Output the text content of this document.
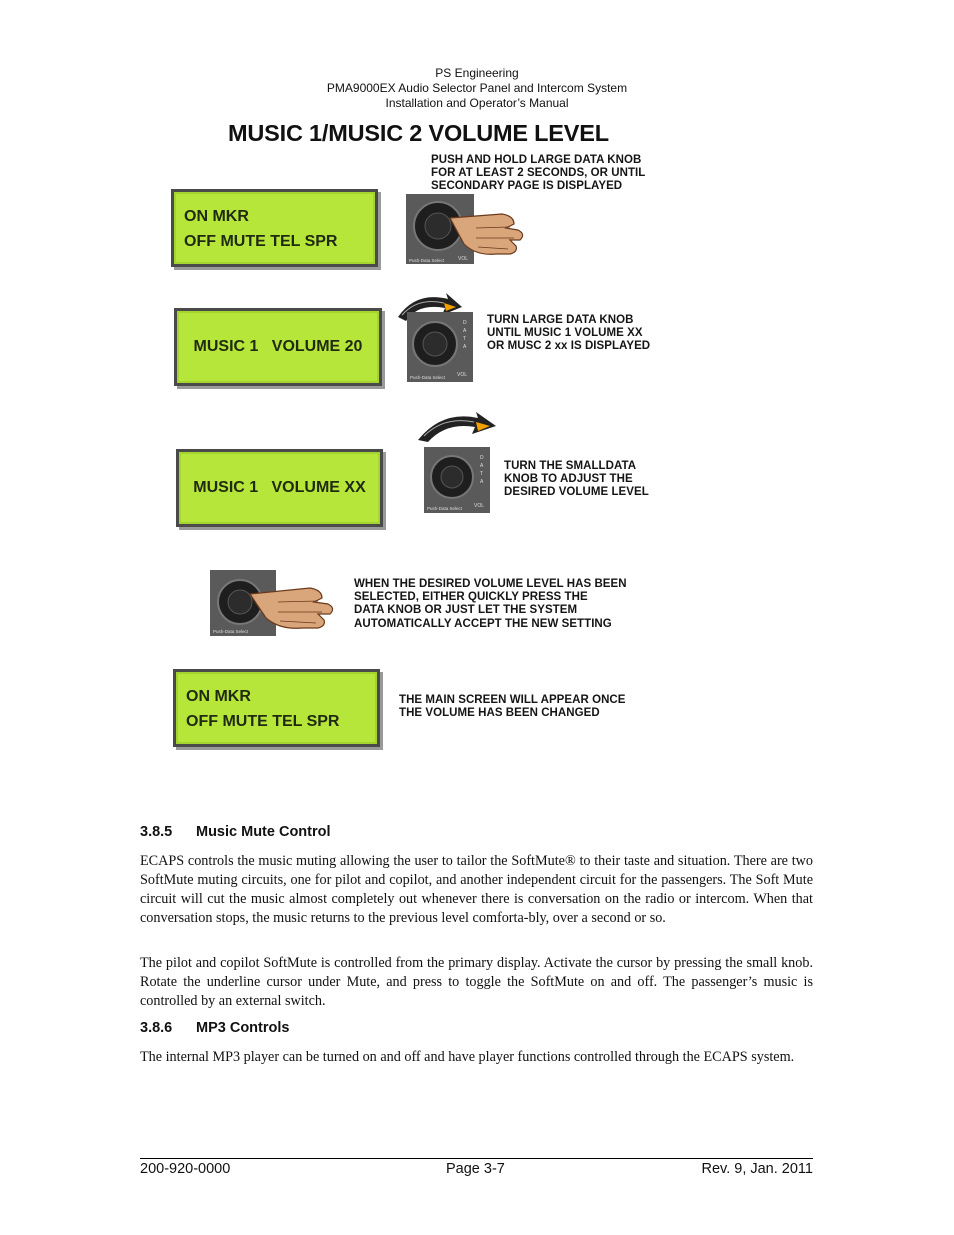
PS Engineering
PMA9000EX Audio Selector Panel and Intercom System
Installation and Operator’s Manual
MUSIC 1/MUSIC 2 VOLUME LEVEL
PUSH AND HOLD LARGE DATA KNOB
FOR AT LEAST 2 SECONDS, OR UNTIL
SECONDARY PAGE IS DISPLAYED
ON MKR
OFF MUTE TEL SPR
Push-Data Select	VOL
TURN LARGE DATA KNOB
UNTIL MUSIC 1 VOLUME XX
OR MUSC 2 xx IS DISPLAYED
MUSIC 1   VOLUME 20
D
A
T
A
Push-Data Select VOL
TURN THE SMALLDATA
KNOB TO ADJUST THE
DESIRED VOLUME LEVEL
MUSIC 1   VOLUME XX
D
A
T
A
Push-Data Select VOL
Push-Data Select
WHEN THE DESIRED VOLUME LEVEL HAS BEEN
SELECTED, EITHER QUICKLY PRESS THE
DATA KNOB OR JUST LET THE SYSTEM
AUTOMATICALLY ACCEPT THE NEW SETTING
ON MKR
OFF MUTE TEL SPR
THE MAIN SCREEN WILL APPEAR ONCE
THE VOLUME HAS BEEN CHANGED
3.8.5 Music Mute Control
ECAPS controls the music muting allowing the user to tailor the SoftMute® to their taste and situation. There are two SoftMute muting circuits, one for pilot and copilot, and another independent circuit for the passengers. The Soft Mute circuit will cut the music almost completely out whenever there is conversation on the radio or intercom. When that conversation stops, the music returns to the previous level comforta-bly, over a second or so.
The pilot and copilot SoftMute is controlled from the primary display. Activate the cursor by pressing the small knob. Rotate the underline cursor under Mute, and press to toggle the SoftMute on and off. The passenger’s music is controlled by an external switch.
3.8.6 MP3 Controls
The internal MP3 player can be turned on and off and have player functions controlled through the ECAPS system.
200-920-0000	Page 3-7	Rev. 9, Jan. 2011
